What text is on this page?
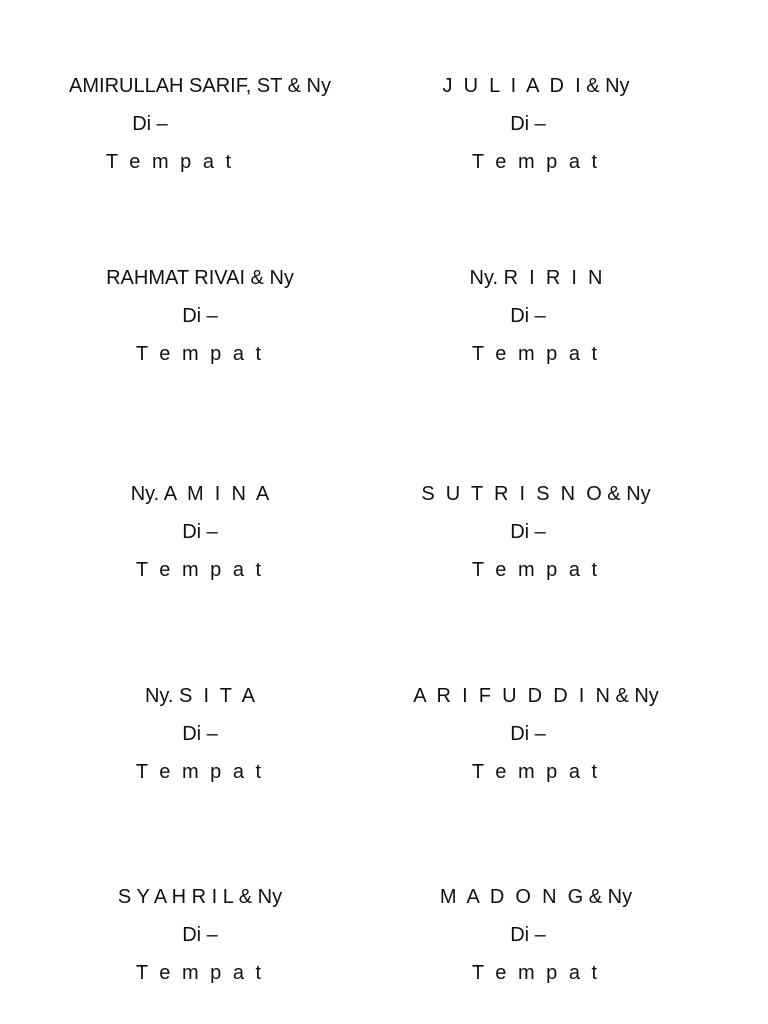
AMIRULLAH SARIF, ST & Ny
Di –
T e m p a t
J  U  L  I  A  D  I & Ny
Di –
T e m p a t
RAHMAT RIVAI & Ny
Di –
T e m p a t
Ny. R  I  R  I  N
Di –
T e m p a t
Ny. A  M  I  N  A
Di –
T e m p a t
S  U  T  R  I  S  N  O & Ny
Di –
T e m p a t
Ny. S  I  T  A
Di –
T e m p a t
A  R  I  F  U  D  D  I  N & Ny
Di –
T e m p a t
S Y A H R I L & Ny
Di –
T e m p a t
M  A  D  O  N  G & Ny
Di –
T e m p a t
